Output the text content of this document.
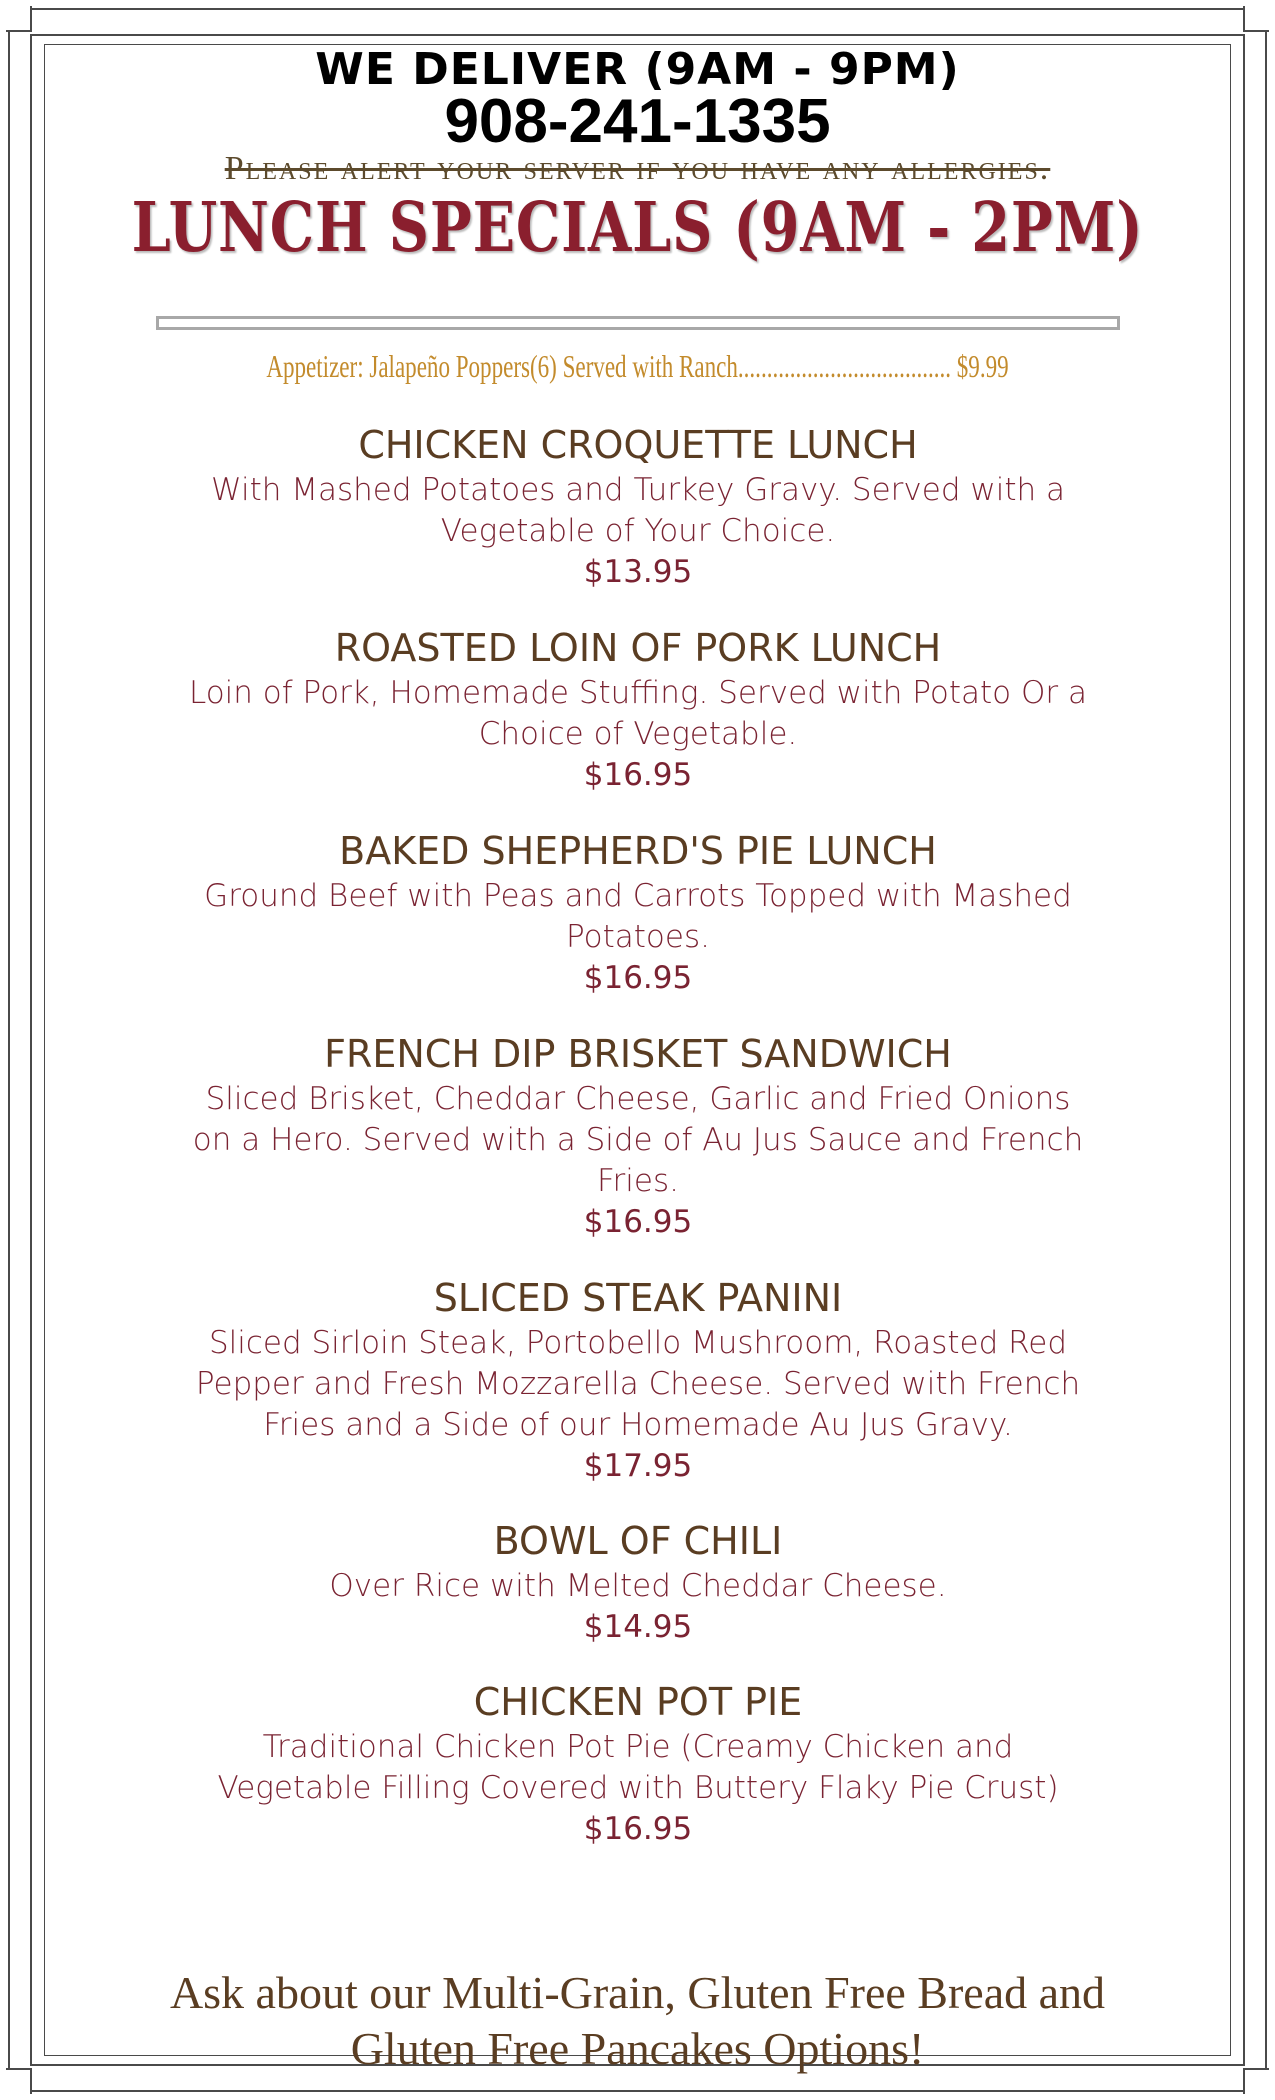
WE DELIVER (9AM - 9PM)
908-241-1335
Please alert your server if you have any allergies.
LUNCH SPECIALS (9AM - 2PM)
Appetizer: Jalapeño Poppers(6) Served with Ranch..................................... $9.99
CHICKEN CROQUETTE LUNCH
With Mashed Potatoes and Turkey Gravy. Served with a
Vegetable of Your Choice.
$13.95
ROASTED LOIN OF PORK LUNCH
Loin of Pork, Homemade Stuffing. Served with Potato Or a
Choice of Vegetable.
$16.95
BAKED SHEPHERD'S PIE LUNCH
Ground Beef with Peas and Carrots Topped with Mashed
Potatoes.
$16.95
FRENCH DIP BRISKET SANDWICH
Sliced Brisket, Cheddar Cheese, Garlic and Fried Onions
on a Hero. Served with a Side of Au Jus Sauce and French
Fries.
$16.95
SLICED STEAK PANINI
Sliced Sirloin Steak, Portobello Mushroom, Roasted Red
Pepper and Fresh Mozzarella Cheese. Served with French
Fries and a Side of our Homemade Au Jus Gravy.
$17.95
BOWL OF CHILI
Over Rice with Melted Cheddar Cheese.
$14.95
CHICKEN POT PIE
Traditional Chicken Pot Pie (Creamy Chicken and
Vegetable Filling Covered with Buttery Flaky Pie Crust)
$16.95
Ask about our Multi-Grain, Gluten Free Bread and
Gluten Free Pancakes Options!
